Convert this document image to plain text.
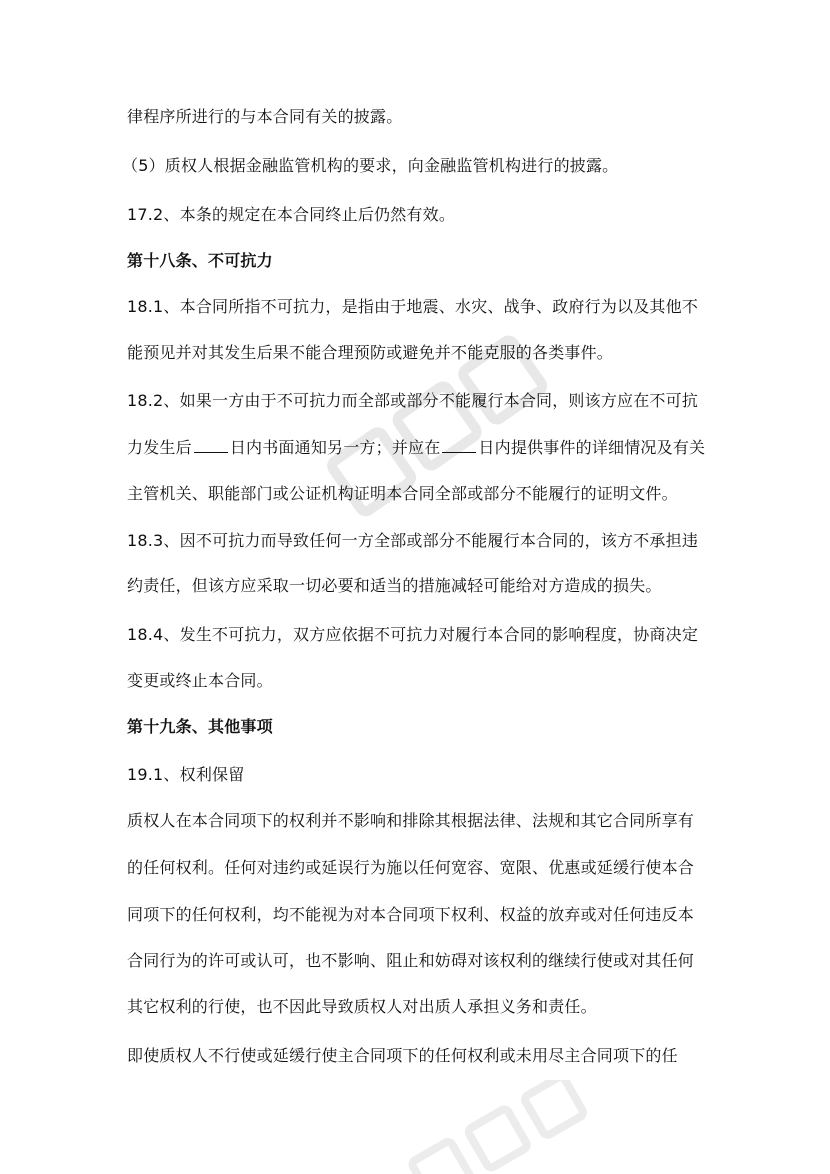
律程序所进行的与本合同有关的披露。

（5）质权人根据金融监管机构的要求，向金融监管机构进行的披露。

17.2、本条的规定在本合同终止后仍然有效。

第十八条、不可抗力

18.1、本合同所指不可抗力，是指由于地震、水灾、战争、政府行为以及其他不

能预见并对其发生后果不能合理预防或避免并不能克服的各类事件。

18.2、如果一方由于不可抗力而全部或部分不能履行本合同，则该方应在不可抗

力发生后 日内书面通知另一方；并应在 日内提供事件的详细情况及有关

主管机关、职能部门或公证机构证明本合同全部或部分不能履行的证明文件。

18.3、因不可抗力而导致任何一方全部或部分不能履行本合同的，该方不承担违

约责任，但该方应采取一切必要和适当的措施减轻可能给对方造成的损失。

18.4、发生不可抗力，双方应依据不可抗力对履行本合同的影响程度，协商决定

变更或终止本合同。

第十九条、其他事项

19.1、权利保留

质权人在本合同项下的权利并不影响和排除其根据法律、法规和其它合同所享有

的任何权利。任何对违约或延误行为施以任何宽容、宽限、优惠或延缓行使本合

同项下的任何权利，均不能视为对本合同项下权利、权益的放弃或对任何违反本

合同行为的许可或认可，也不影响、阻止和妨碍对该权利的继续行使或对其任何

其它权利的行使，也不因此导致质权人对出质人承担义务和责任。

即使质权人不行使或延缓行使主合同项下的任何权利或未用尽主合同项下的任
